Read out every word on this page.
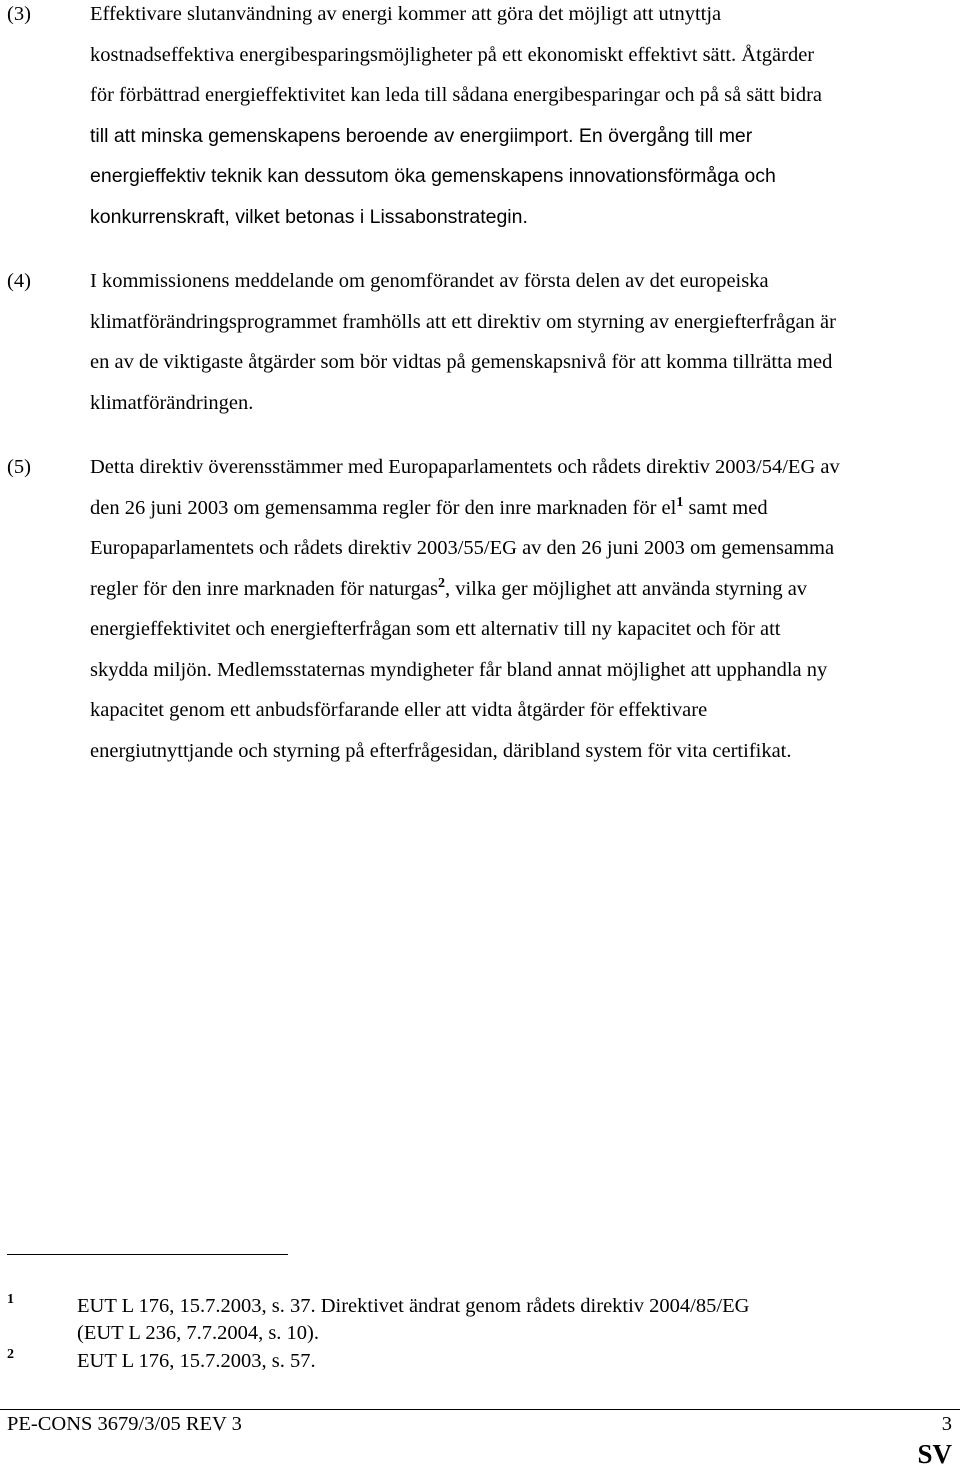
(3)	Effektivare slutanvändning av energi kommer att göra det möjligt att utnyttja
kostnadseffektiva energibesparingsmöjligheter på ett ekonomiskt effektivt sätt. Åtgärder
för förbättrad energieffektivitet kan leda till sådana energibesparingar och på så sätt bidra
till att minska gemenskapens beroende av energiimport. En övergång till mer
energieffektiv teknik kan dessutom öka gemenskapens innovationsförmåga och
konkurrenskraft, vilket betonas i Lissabonstrategin.
(4)	I kommissionens meddelande om genomförandet av första delen av det europeiska
klimatförändringsprogrammet framhölls att ett direktiv om styrning av energiefterfrågan är
en av de viktigaste åtgärder som bör vidtas på gemenskapsnivå för att komma tillrätta med
klimatförändringen.
(5)	Detta direktiv överensstämmer med Europaparlamentets och rådets direktiv 2003/54/EG av
den 26 juni 2003 om gemensamma regler för den inre marknaden för $el^1$ samt med
Europaparlamentets och rådets direktiv 2003/55/EG av den 26 juni 2003 om gemensamma
regler för den inre marknaden för naturgas$^2$, vilka ger möjlighet att använda styrning av
energieffektivitet och energiefterfrågan som ett alternativ till ny kapacitet och för att
skydda miljön. Medlemsstaternas myndigheter får bland annat möjlighet att upphandla ny
kapacitet genom ett anbudsförfarande eller att vidta åtgärder för effektivare
energiutnyttjande och styrning på efterfrågesidan, däribland system för vita certifikat.
1	EUT L 176, 15.7.2003, s. 37. Direktivet ändrat genom rådets direktiv 2004/85/EG
(EUT L 236, 7.7.2004, s. 10).
2	EUT L 176, 15.7.2003, s. 57.
PE-CONS 3679/3/05 REV 3	3
SV
